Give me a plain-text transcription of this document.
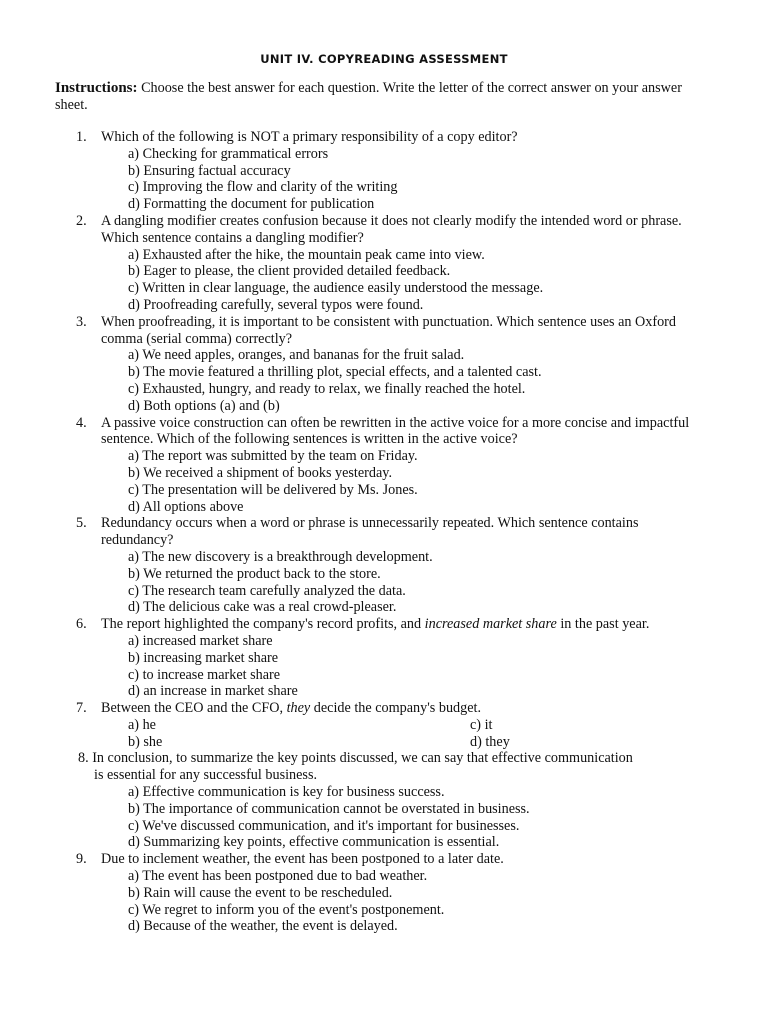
UNIT IV. COPYREADING ASSESSMENT
Instructions: Choose the best answer for each question. Write the letter of the correct answer on your answer sheet.
1. Which of the following is NOT a primary responsibility of a copy editor?
a) Checking for grammatical errors
b) Ensuring factual accuracy
c) Improving the flow and clarity of the writing
d) Formatting the document for publication
2. A dangling modifier creates confusion because it does not clearly modify the intended word or phrase. Which sentence contains a dangling modifier?
a) Exhausted after the hike, the mountain peak came into view.
b) Eager to please, the client provided detailed feedback.
c) Written in clear language, the audience easily understood the message.
d) Proofreading carefully, several typos were found.
3. When proofreading, it is important to be consistent with punctuation. Which sentence uses an Oxford comma (serial comma) correctly?
a) We need apples, oranges, and bananas for the fruit salad.
b) The movie featured a thrilling plot, special effects, and a talented cast.
c) Exhausted, hungry, and ready to relax, we finally reached the hotel.
d) Both options (a) and (b)
4. A passive voice construction can often be rewritten in the active voice for a more concise and impactful sentence. Which of the following sentences is written in the active voice?
a) The report was submitted by the team on Friday.
b) We received a shipment of books yesterday.
c) The presentation will be delivered by Ms. Jones.
d) All options above
5. Redundancy occurs when a word or phrase is unnecessarily repeated. Which sentence contains redundancy?
a) The new discovery is a breakthrough development.
b) We returned the product back to the store.
c) The research team carefully analyzed the data.
d) The delicious cake was a real crowd-pleaser.
6. The report highlighted the company's record profits, and increased market share in the past year.
a) increased market share
b) increasing market share
c) to increase market share
d) an increase in market share
7. Between the CEO and the CFO, they decide the company's budget.
a) he	c) it
b) she	d) they
8. In conclusion, to summarize the key points discussed, we can say that effective communication
is essential for any successful business.
a) Effective communication is key for business success.
b) The importance of communication cannot be overstated in business.
c) We've discussed communication, and it's important for businesses.
d) Summarizing key points, effective communication is essential.
9. Due to inclement weather, the event has been postponed to a later date.
a) The event has been postponed due to bad weather.
b) Rain will cause the event to be rescheduled.
c) We regret to inform you of the event's postponement.
d) Because of the weather, the event is delayed.
